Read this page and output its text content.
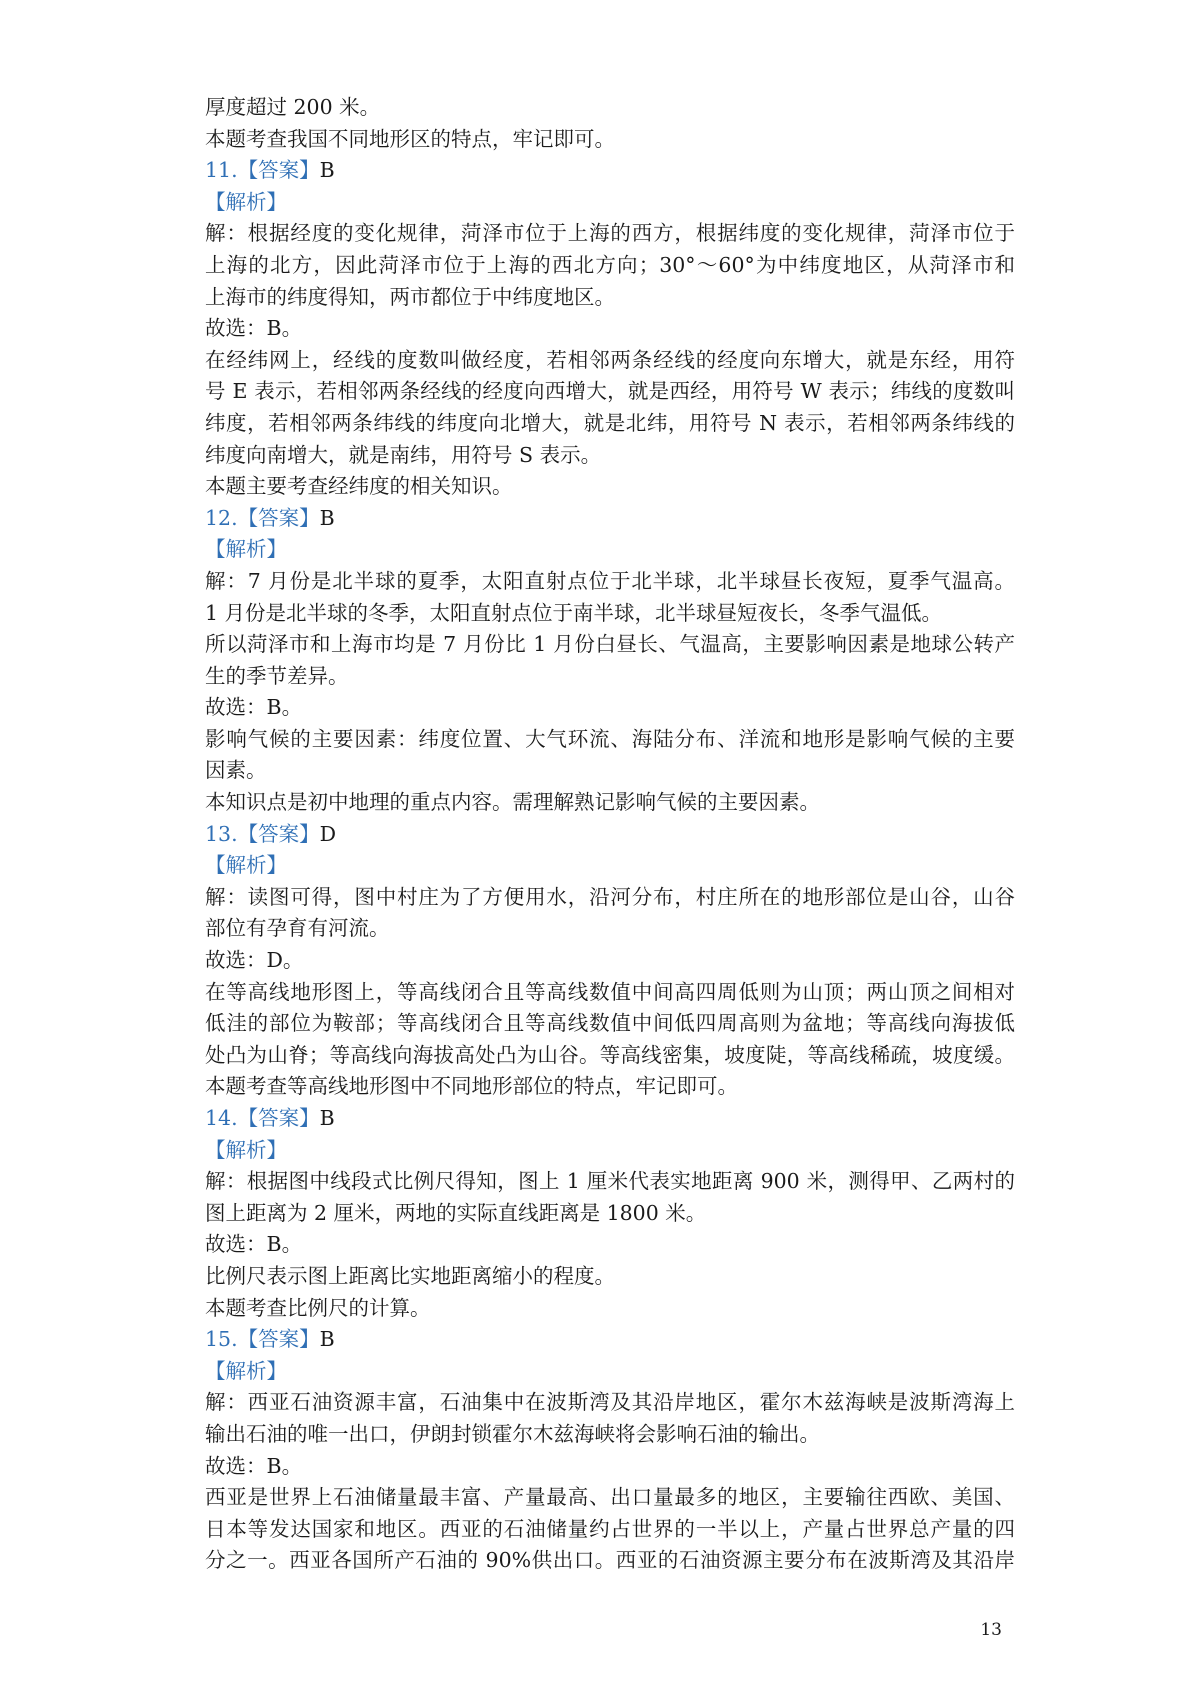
厚度超过 200 米。
本题考查我国不同地形区的特点，牢记即可。
11.【答案】B
【解析】
解：根据经度的变化规律，菏泽市位于上海的西方，根据纬度的变化规律，菏泽市位于
上海的北方，因此菏泽市位于上海的西北方向；30°～60°为中纬度地区，从菏泽市和
上海市的纬度得知，两市都位于中纬度地区。
故选：B。
在经纬网上，经线的度数叫做经度，若相邻两条经线的经度向东增大，就是东经，用符
号 E 表示，若相邻两条经线的经度向西增大，就是西经，用符号 W 表示；纬线的度数叫
纬度，若相邻两条纬线的纬度向北增大，就是北纬，用符号 N 表示，若相邻两条纬线的
纬度向南增大，就是南纬，用符号 S 表示。
本题主要考查经纬度的相关知识。
12.【答案】B
【解析】
解：7 月份是北半球的夏季，太阳直射点位于北半球，北半球昼长夜短，夏季气温高。
1 月份是北半球的冬季，太阳直射点位于南半球，北半球昼短夜长，冬季气温低。
所以菏泽市和上海市均是 7 月份比 1 月份白昼长、气温高，主要影响因素是地球公转产
生的季节差异。
故选：B。
影响气候的主要因素：纬度位置、大气环流、海陆分布、洋流和地形是影响气候的主要
因素。
本知识点是初中地理的重点内容。需理解熟记影响气候的主要因素。
13.【答案】D
【解析】
解：读图可得，图中村庄为了方便用水，沿河分布，村庄所在的地形部位是山谷，山谷
部位有孕育有河流。
故选：D。
在等高线地形图上，等高线闭合且等高线数值中间高四周低则为山顶；两山顶之间相对
低洼的部位为鞍部；等高线闭合且等高线数值中间低四周高则为盆地；等高线向海拔低
处凸为山脊；等高线向海拔高处凸为山谷。等高线密集，坡度陡，等高线稀疏，坡度缓。
本题考查等高线地形图中不同地形部位的特点，牢记即可。
14.【答案】B
【解析】
解：根据图中线段式比例尺得知，图上 1 厘米代表实地距离 900 米，测得甲、乙两村的
图上距离为 2 厘米，两地的实际直线距离是 1800 米。
故选：B。
比例尺表示图上距离比实地距离缩小的程度。
本题考查比例尺的计算。
15.【答案】B
【解析】
解：西亚石油资源丰富，石油集中在波斯湾及其沿岸地区，霍尔木兹海峡是波斯湾海上
输出石油的唯一出口，伊朗封锁霍尔木兹海峡将会影响石油的输出。
故选：B。
西亚是世界上石油储量最丰富、产量最高、出口量最多的地区，主要输往西欧、美国、
日本等发达国家和地区。西亚的石油储量约占世界的一半以上，产量占世界总产量的四
分之一。西亚各国所产石油的 90%供出口。西亚的石油资源主要分布在波斯湾及其沿岸
13
